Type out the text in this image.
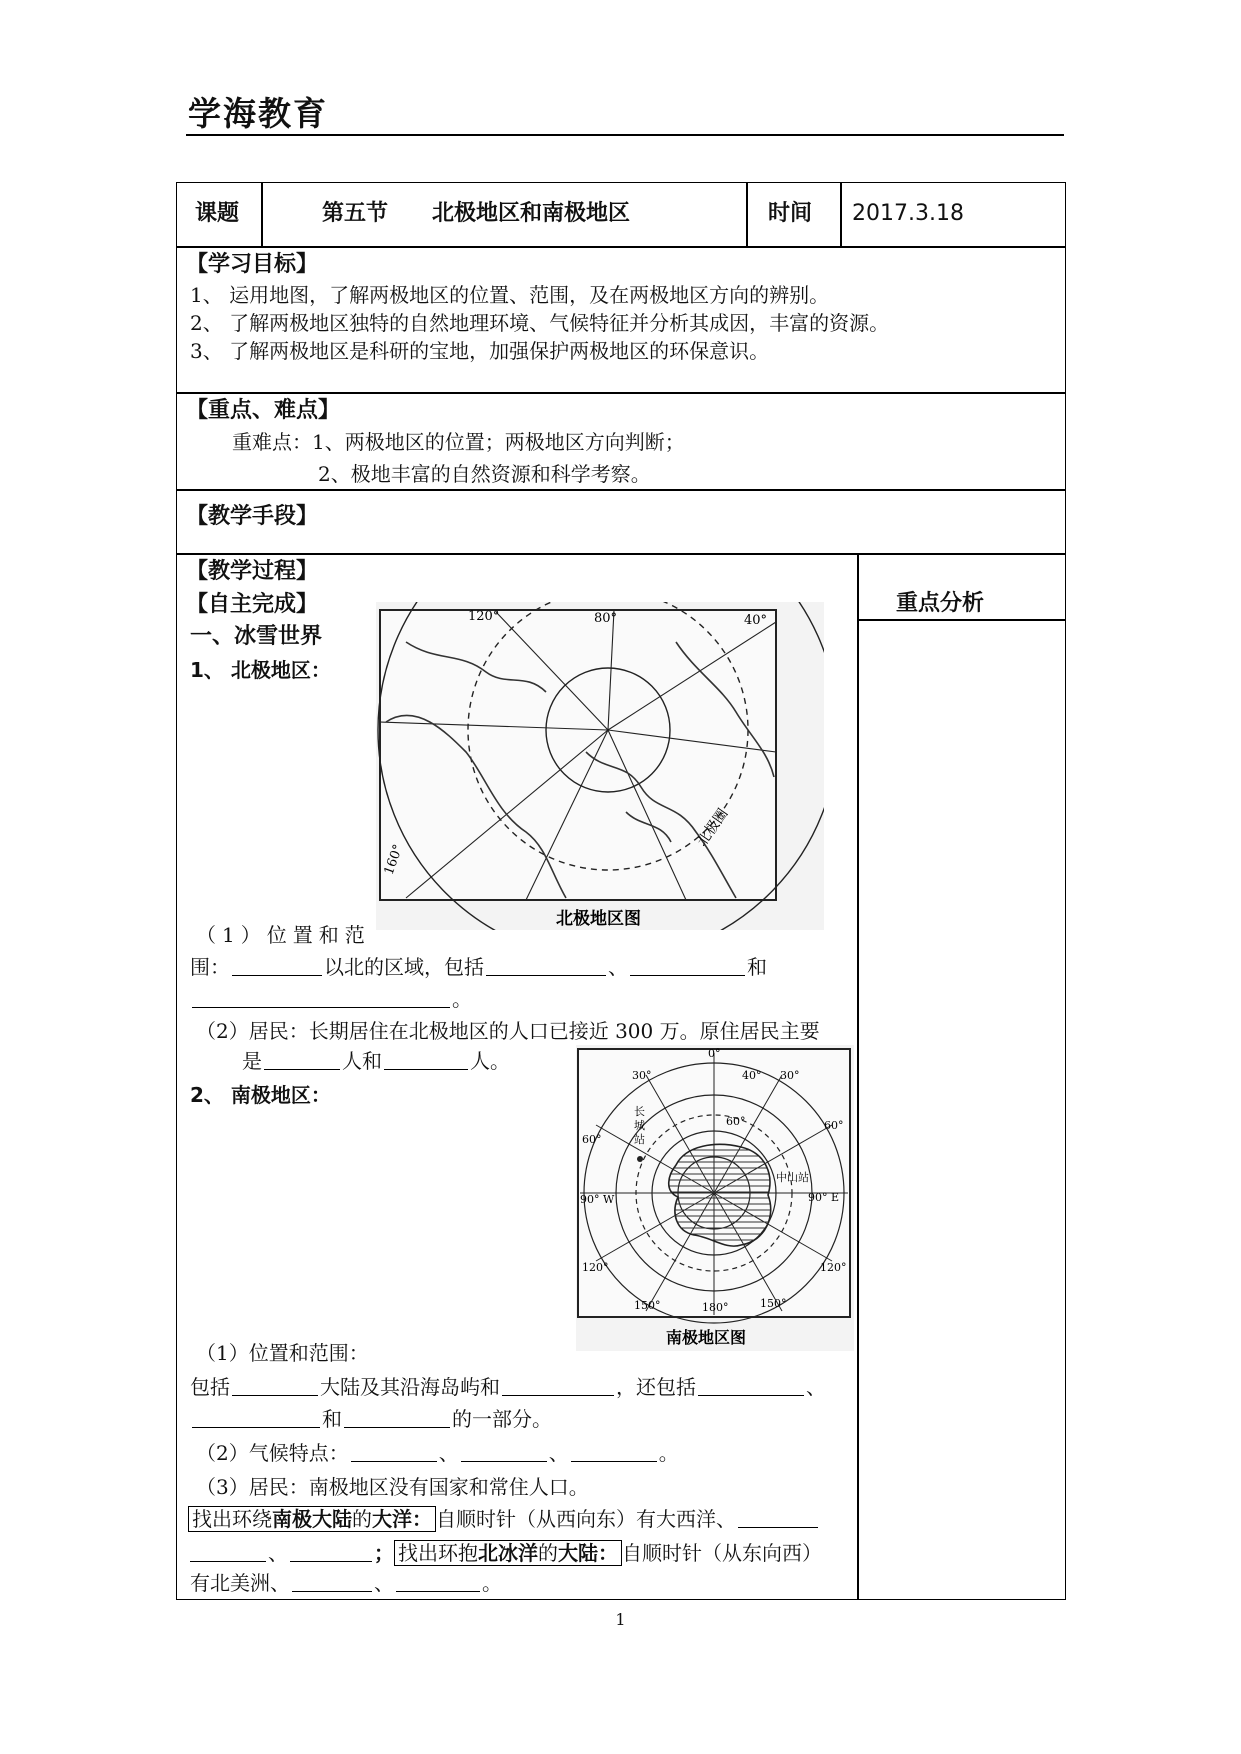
学海教育
课题	第五节　　北极地区和南极地区	时间 2017.3.18
【学习目标】
1、 运用地图，了解两极地区的位置、范围，及在两极地区方向的辨别。
2、 了解两极地区独特的自然地理环境、气候特征并分析其成因，丰富的资源。
3、 了解两极地区是科研的宝地，加强保护两极地区的环保意识。
【重点、难点】
重难点：1、两极地区的位置；两极地区方向判断；
2、极地丰富的自然资源和科学考察。
【教学手段】
【教学过程】
【自主完成】
一、冰雪世界
重点分析
1、 北极地区：
120°	80°	40°
160°
北极圈
北极地区图
（1）位置和范
围：	以北的区域，包括	、	和
。
（2）居民：长期居住在北极地区的人口已接近 300 万。原住居民主要
是	人和	人。
2、 南极地区：
0°
30°	40° 30°
长
城
站
60°
60°	60°
中山站
90° W	90° E
120°	120°
150°	180°	150°
南极地区图
（1）位置和范围：
包括	大陆及其沿海岛屿和	，还包括	、
和	的一部分。
（2）气候特点：	、	、	。
（3）居民：南极地区没有国家和常住人口。
找出环绕南极大陆的大洋： 自顺时针（从西向东）有大西洋、
、	； 找出环抱北冰洋的大陆： 自顺时针（从东向西）
有北美洲、	、	。
1
